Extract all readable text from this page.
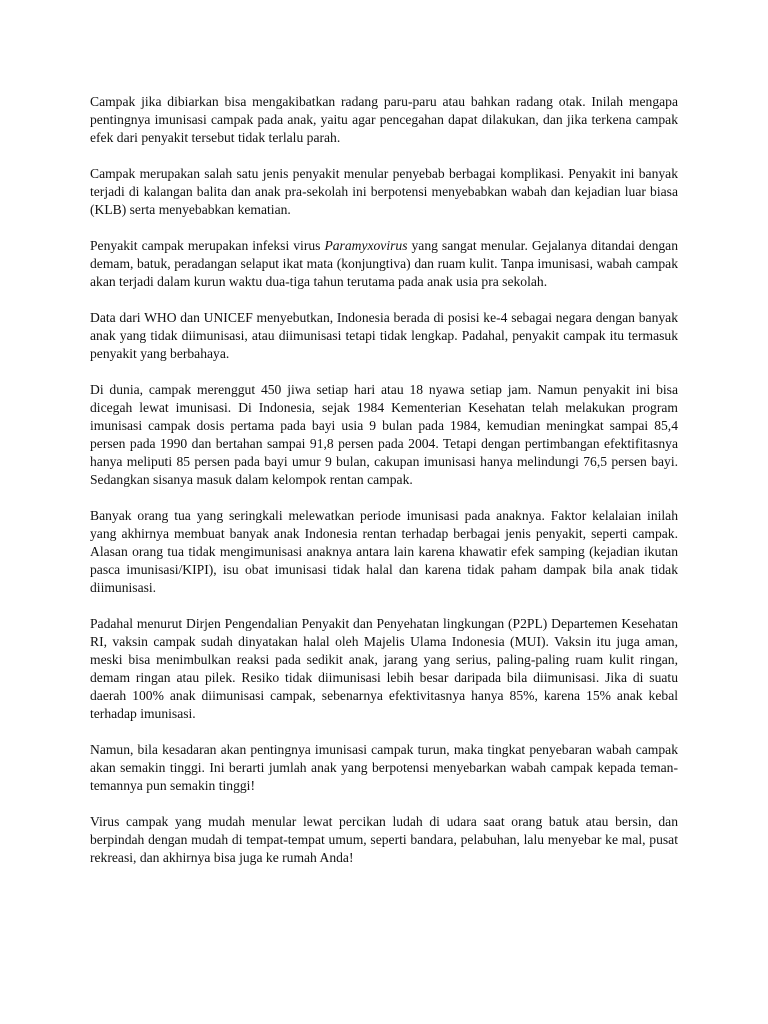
Campak jika dibiarkan bisa mengakibatkan radang paru-paru atau bahkan radang otak. Inilah mengapa pentingnya imunisasi campak pada anak, yaitu agar pencegahan dapat dilakukan, dan jika terkena campak efek dari penyakit tersebut tidak terlalu parah.

Campak merupakan salah satu jenis penyakit menular penyebab berbagai komplikasi. Penyakit ini banyak terjadi di kalangan balita dan anak pra-sekolah ini berpotensi menyebabkan wabah dan kejadian luar biasa (KLB) serta menyebabkan kematian.

Penyakit campak merupakan infeksi virus Paramyxovirus yang sangat menular. Gejalanya ditandai dengan demam, batuk, peradangan selaput ikat mata (konjungtiva) dan ruam kulit. Tanpa imunisasi, wabah campak akan terjadi dalam kurun waktu dua-tiga tahun terutama pada anak usia pra sekolah.

Data dari WHO dan UNICEF menyebutkan, Indonesia berada di posisi ke-4 sebagai negara dengan banyak anak yang tidak diimunisasi, atau diimunisasi tetapi tidak lengkap. Padahal, penyakit campak itu termasuk penyakit yang berbahaya.

Di dunia, campak merenggut 450 jiwa setiap hari atau 18 nyawa setiap jam. Namun penyakit ini bisa dicegah lewat imunisasi. Di Indonesia, sejak 1984 Kementerian Kesehatan telah melakukan program imunisasi campak dosis pertama pada bayi usia 9 bulan pada 1984, kemudian meningkat sampai 85,4 persen pada 1990 dan bertahan sampai 91,8 persen pada 2004. Tetapi dengan pertimbangan efektifitasnya hanya meliputi 85 persen pada bayi umur 9 bulan, cakupan imunisasi hanya melindungi 76,5 persen bayi. Sedangkan sisanya masuk dalam kelompok rentan campak.

Banyak orang tua yang seringkali melewatkan periode imunisasi pada anaknya. Faktor kelalaian inilah yang akhirnya membuat banyak anak Indonesia rentan terhadap berbagai jenis penyakit, seperti campak. Alasan orang tua tidak mengimunisasi anaknya antara lain karena khawatir efek samping (kejadian ikutan pasca imunisasi/KIPI), isu obat imunisasi tidak halal dan karena tidak paham dampak bila anak tidak diimunisasi.

Padahal menurut Dirjen Pengendalian Penyakit dan Penyehatan lingkungan (P2PL) Departemen Kesehatan RI, vaksin campak sudah dinyatakan halal oleh Majelis Ulama Indonesia (MUI). Vaksin itu juga aman, meski bisa menimbulkan reaksi pada sedikit anak, jarang yang serius, paling-paling ruam kulit ringan, demam ringan atau pilek. Resiko tidak diimunisasi lebih besar daripada bila diimunisasi. Jika di suatu daerah 100% anak diimunisasi campak, sebenarnya efektivitasnya hanya 85%, karena 15% anak kebal terhadap imunisasi.

Namun, bila kesadaran akan pentingnya imunisasi campak turun, maka tingkat penyebaran wabah campak akan semakin tinggi. Ini berarti jumlah anak yang berpotensi menyebarkan wabah campak kepada teman-temannya pun semakin tinggi!

Virus campak yang mudah menular lewat percikan ludah di udara saat orang batuk atau bersin, dan berpindah dengan mudah di tempat-tempat umum, seperti bandara, pelabuhan, lalu menyebar ke mal, pusat rekreasi, dan akhirnya bisa juga ke rumah Anda!
